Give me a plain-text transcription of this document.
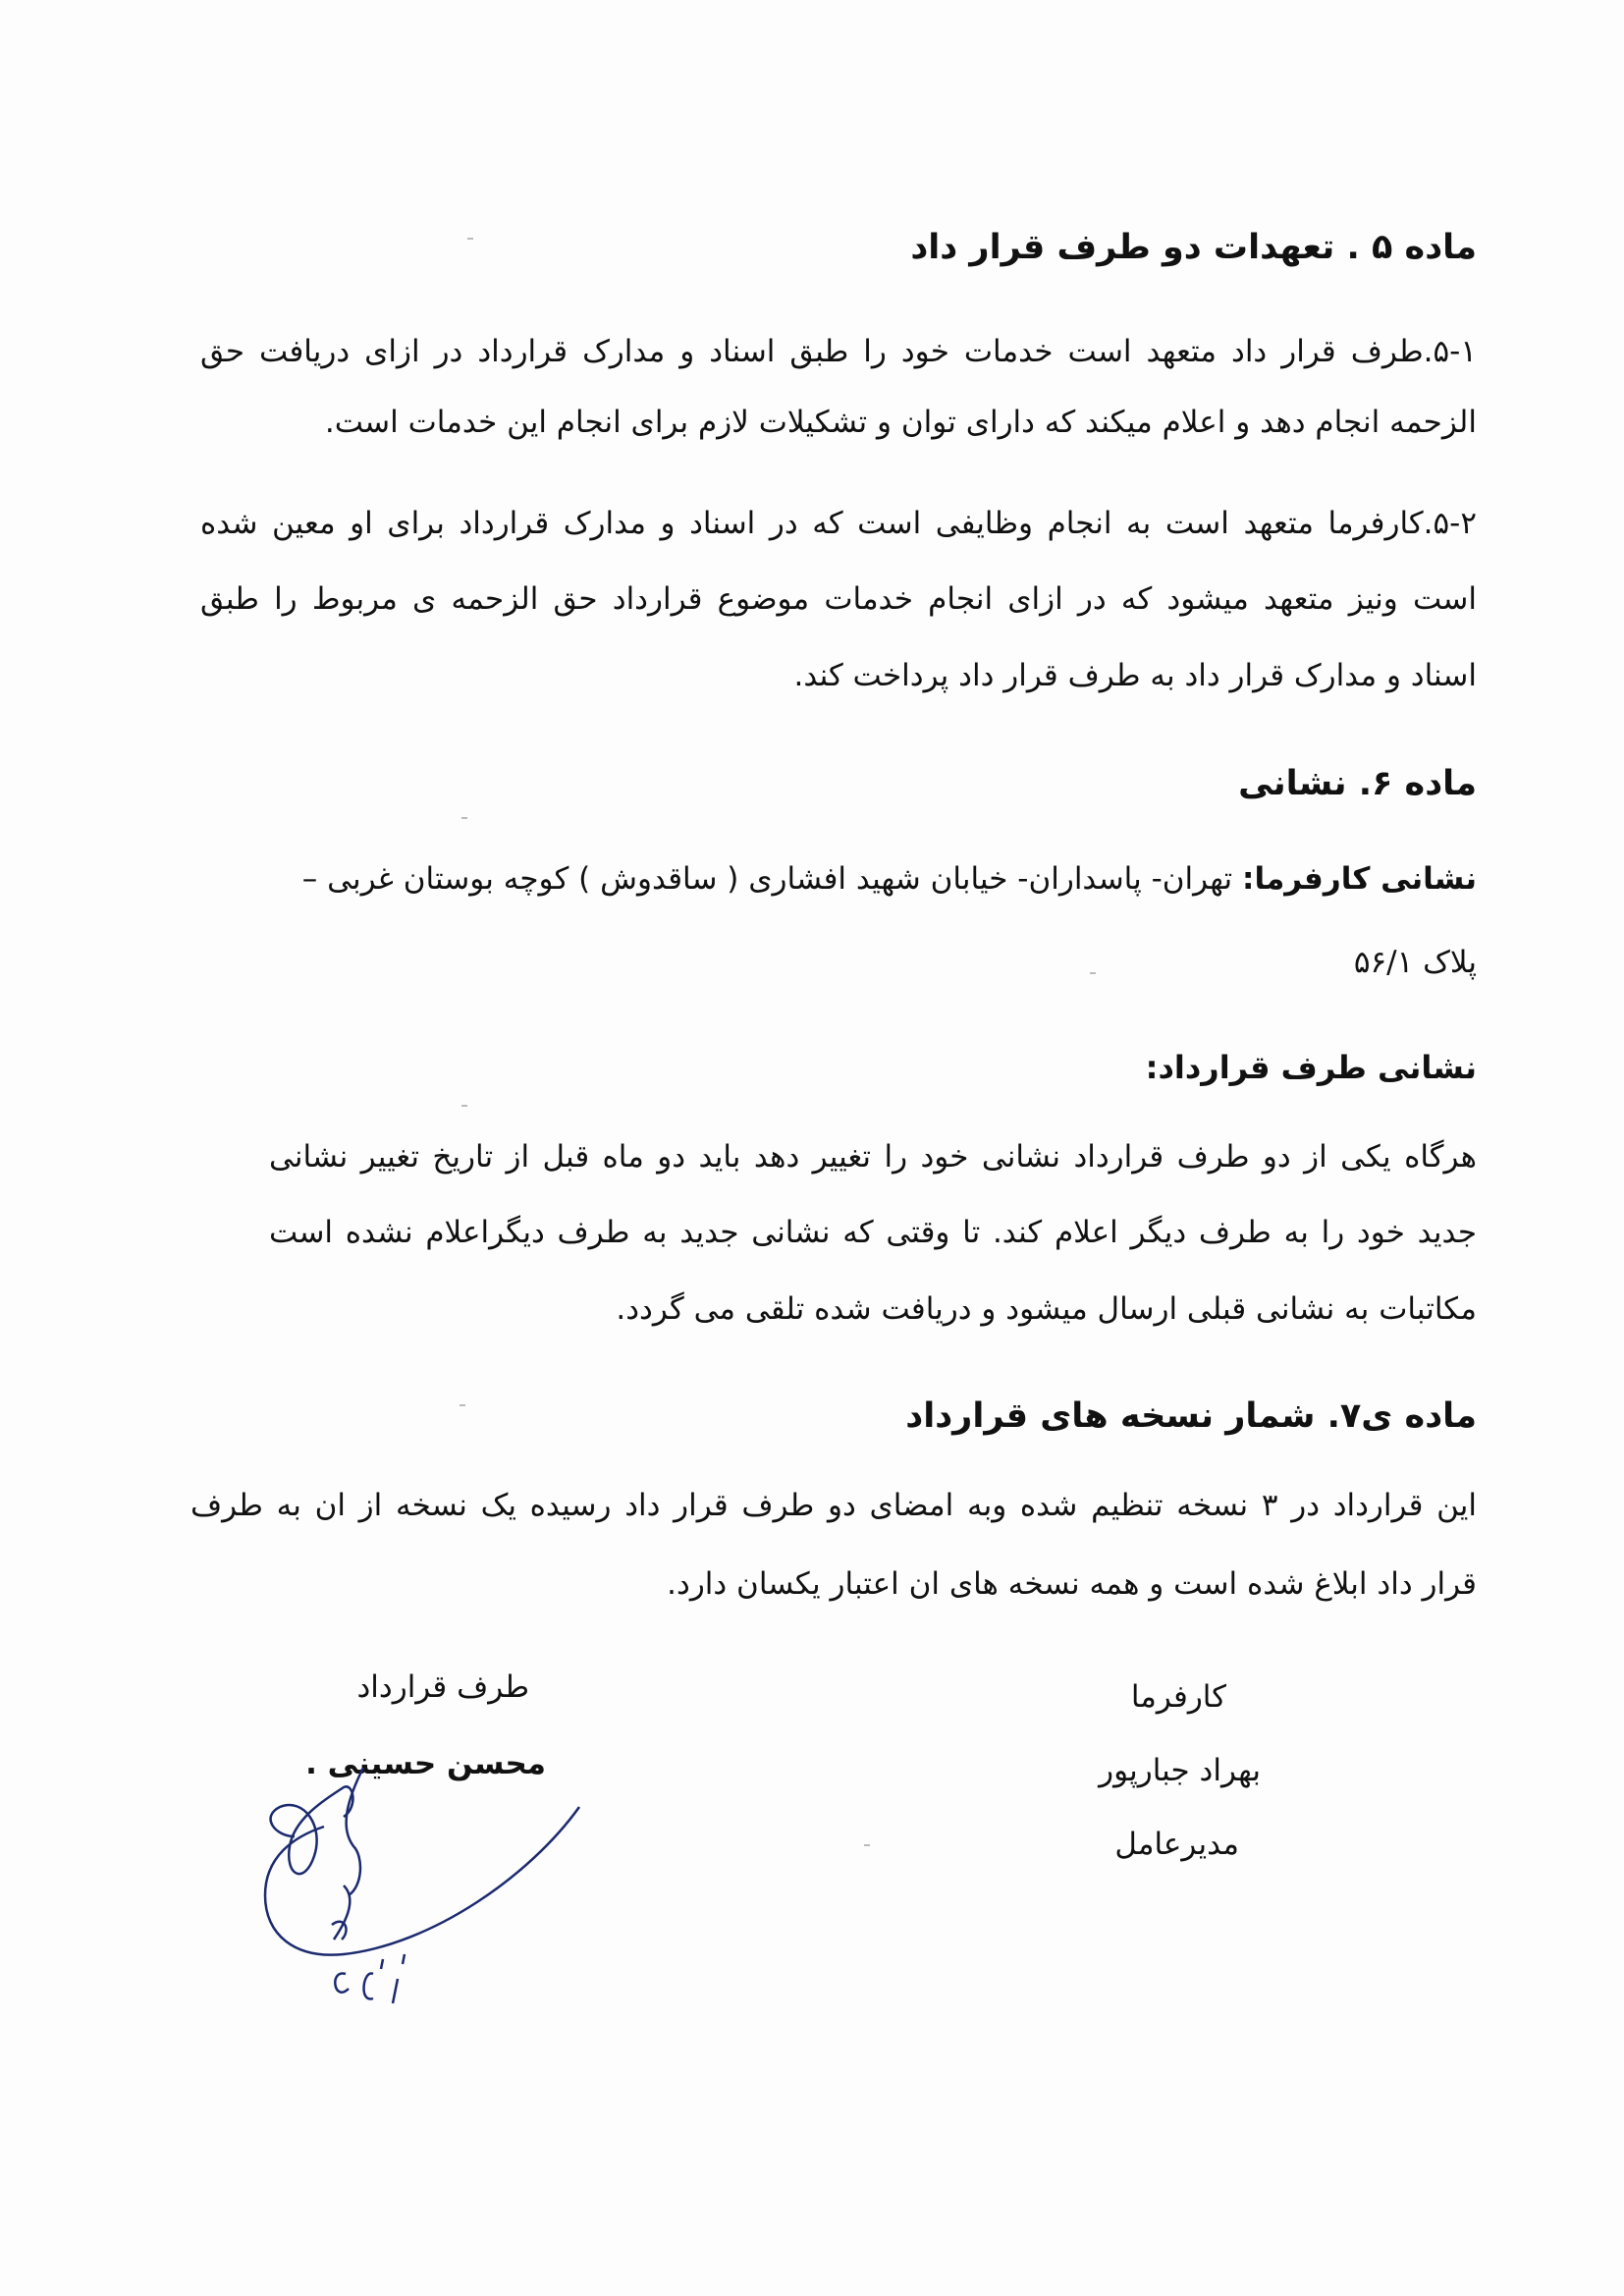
ماده ۵ . تعهدات دو طرف قرار داد
۵-۱.طرف قرار داد متعهد است خدمات خود را طبق اسناد و مدارک قرارداد در ازای دریافت حق
الزحمه انجام دهد و اعلام میکند که دارای توان و تشکیلات لازم برای انجام این خدمات است.
۵-۲.کارفرما متعهد است به انجام وظایفی است که در اسناد و مدارک قرارداد برای او معین شده
است ونیز متعهد میشود که در ازای انجام خدمات موضوع قرارداد حق الزحمه ی مربوط را طبق
اسناد و مدارک قرار داد به طرف قرار داد پرداخت کند.
ماده ۶. نشانی
نشانی کارفرما: تهران- پاسداران- خیابان شهید افشاری ( ساقدوش ) کوچه بوستان غربی –
پلاک ۵۶/۱
نشانی طرف قرارداد:
هرگاه یکی از دو طرف قرارداد نشانی خود را تغییر دهد باید دو ماه قبل از تاریخ تغییر نشانی
جدید خود را به طرف دیگر اعلام کند. تا وقتی که نشانی جدید به طرف دیگراعلام نشده است
مکاتبات به نشانی قبلی ارسال میشود و دریافت شده تلقی می گردد.
ماده ی۷. شمار نسخه های قرارداد
این قرارداد در ۳ نسخه تنظیم شده وبه امضای دو طرف قرار داد رسیده یک نسخه از ان به طرف
قرار داد ابلاغ شده است و همه نسخه های ان اعتبار یکسان دارد.
کارفرما
بهراد جبارپور
مدیرعامل
طرف قرارداد
محسن حسینی .
